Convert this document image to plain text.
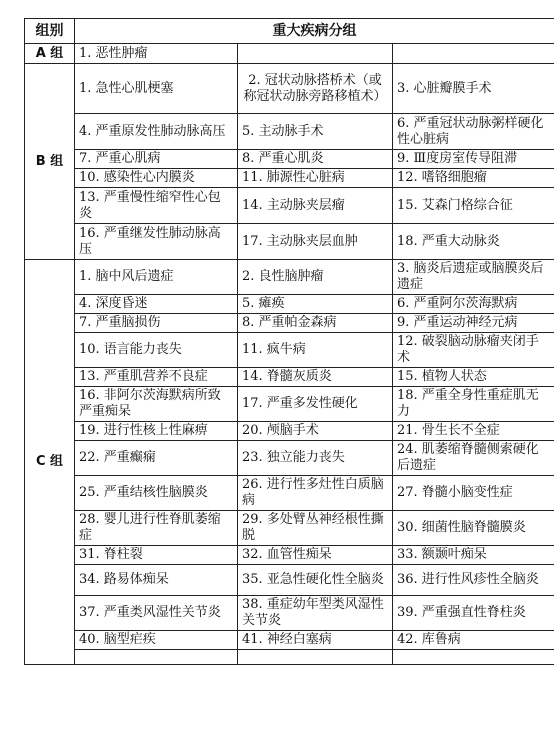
组别	重大疾病分组		
A 组	1. 恶性肿瘤		
B 组	1. 急性心肌梗塞	2. 冠状动脉搭桥术（或称冠状动脉旁路移植术）	3. 心脏瓣膜手术
	4. 严重原发性肺动脉高压	5. 主动脉手术	6. 严重冠状动脉粥样硬化性心脏病
	7. 严重心肌病	8. 严重心肌炎	9. Ⅲ度房室传导阻滞
	10. 感染性心内膜炎	11. 肺源性心脏病	12. 嗜铬细胞瘤
	13. 严重慢性缩窄性心包炎	14. 主动脉夹层瘤	15. 艾森门格综合征
	16. 严重继发性肺动脉高压	17. 主动脉夹层血肿	18. 严重大动脉炎
C 组	1. 脑中风后遗症	2. 良性脑肿瘤	3. 脑炎后遗症或脑膜炎后遗症
	4. 深度昏迷	5. 瘫痪	6. 严重阿尔茨海默病
	7. 严重脑损伤	8. 严重帕金森病	9. 严重运动神经元病
	10. 语言能力丧失	11. 疯牛病	12. 破裂脑动脉瘤夹闭手术
	13. 严重肌营养不良症	14. 脊髓灰质炎	15. 植物人状态
	16. 非阿尔茨海默病所致严重痴呆	17. 严重多发性硬化	18. 严重全身性重症肌无力
	19. 进行性核上性麻痹	20. 颅脑手术	21. 骨生长不全症
	22. 严重癫痫	23. 独立能力丧失	24. 肌萎缩脊髓侧索硬化后遗症
	25. 严重结核性脑膜炎	26. 进行性多灶性白质脑病	27. 脊髓小脑变性症
	28. 婴儿进行性脊肌萎缩症	29. 多处臂丛神经根性撕脱	30. 细菌性脑脊髓膜炎
	31. 脊柱裂	32. 血管性痴呆	33. 额颞叶痴呆
	34. 路易体痴呆	35. 亚急性硬化性全脑炎	36. 进行性风疹性全脑炎
	37. 严重类风湿性关节炎	38. 重症幼年型类风湿性关节炎	39. 严重强直性脊柱炎
	40. 脑型疟疾	41. 神经白塞病	42. 库鲁病
